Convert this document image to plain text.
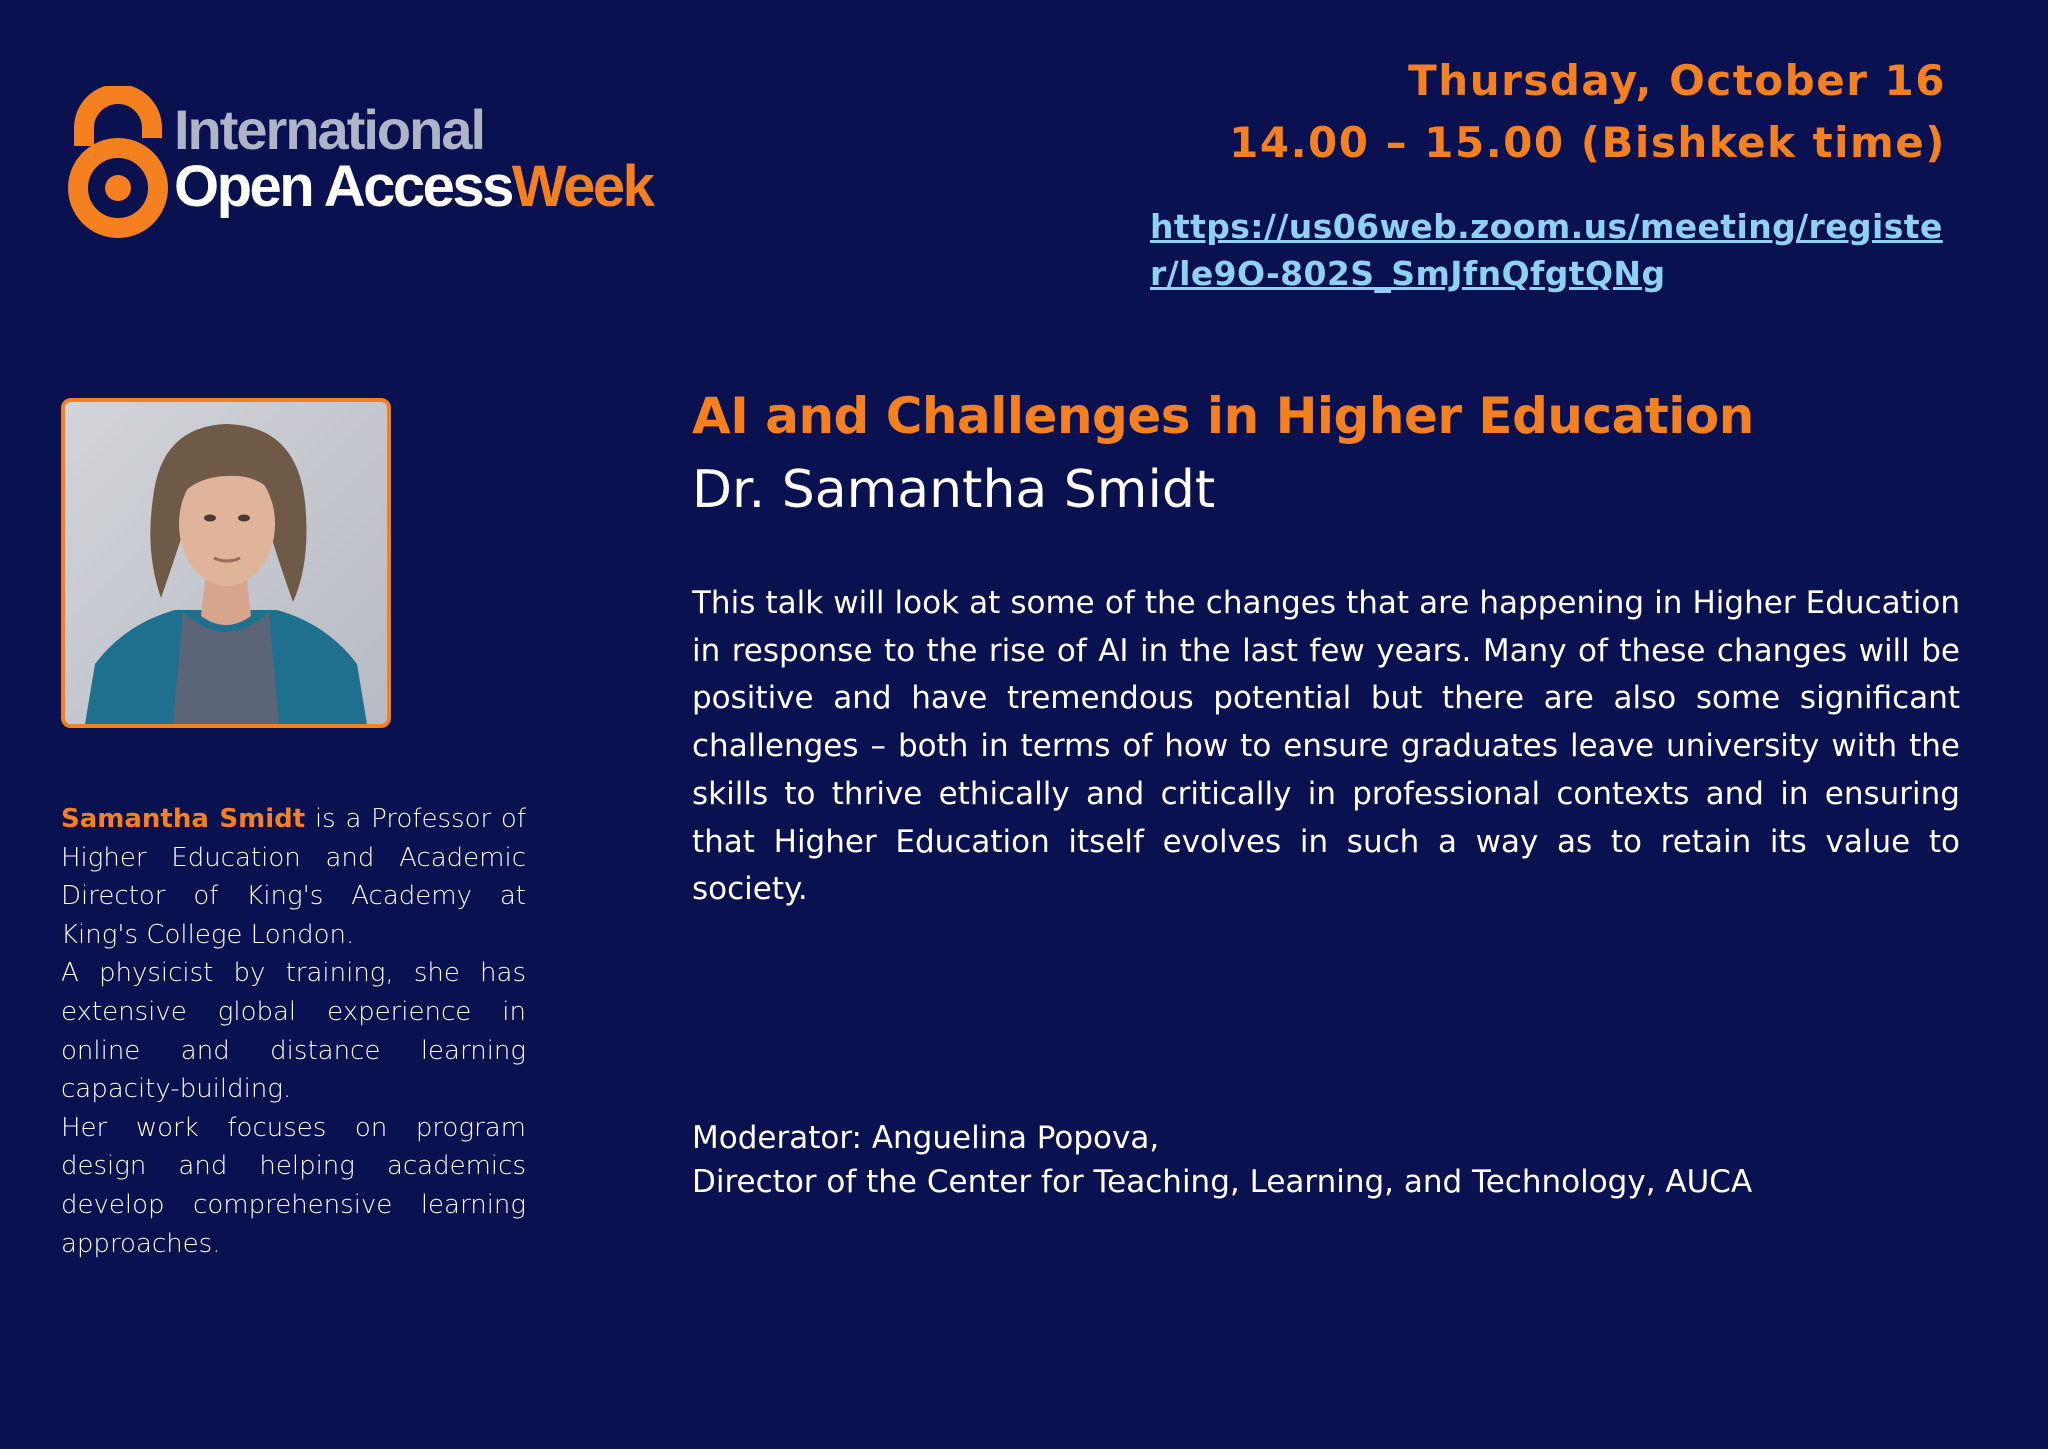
International
Open AccessWeek
Thursday, October 16
14.00 – 15.00 (Bishkek time)
https://us06web.zoom.us/meeting/register/le9O-802S_SmJfnQfgtQNg

Samantha Smidt is a Professor of Higher Education and Academic Director of King's Academy at King's College London.

A physicist by training, she has extensive global experience in online and distance learning capacity-building.

Her work focuses on program design and helping academics develop comprehensive learning approaches.

AI and Challenges in Higher Education
Dr. Samantha Smidt

This talk will look at some of the changes that are happening in Higher Education in response to the rise of AI in the last few years. Many of these changes will be positive and have tremendous potential but there are also some significant challenges – both in terms of how to ensure graduates leave university with the skills to thrive ethically and critically in professional contexts and in ensuring that Higher Education itself evolves in such a way as to retain its value to society.

Moderator: Anguelina Popova,
Director of the Center for Teaching, Learning, and Technology, AUCA
